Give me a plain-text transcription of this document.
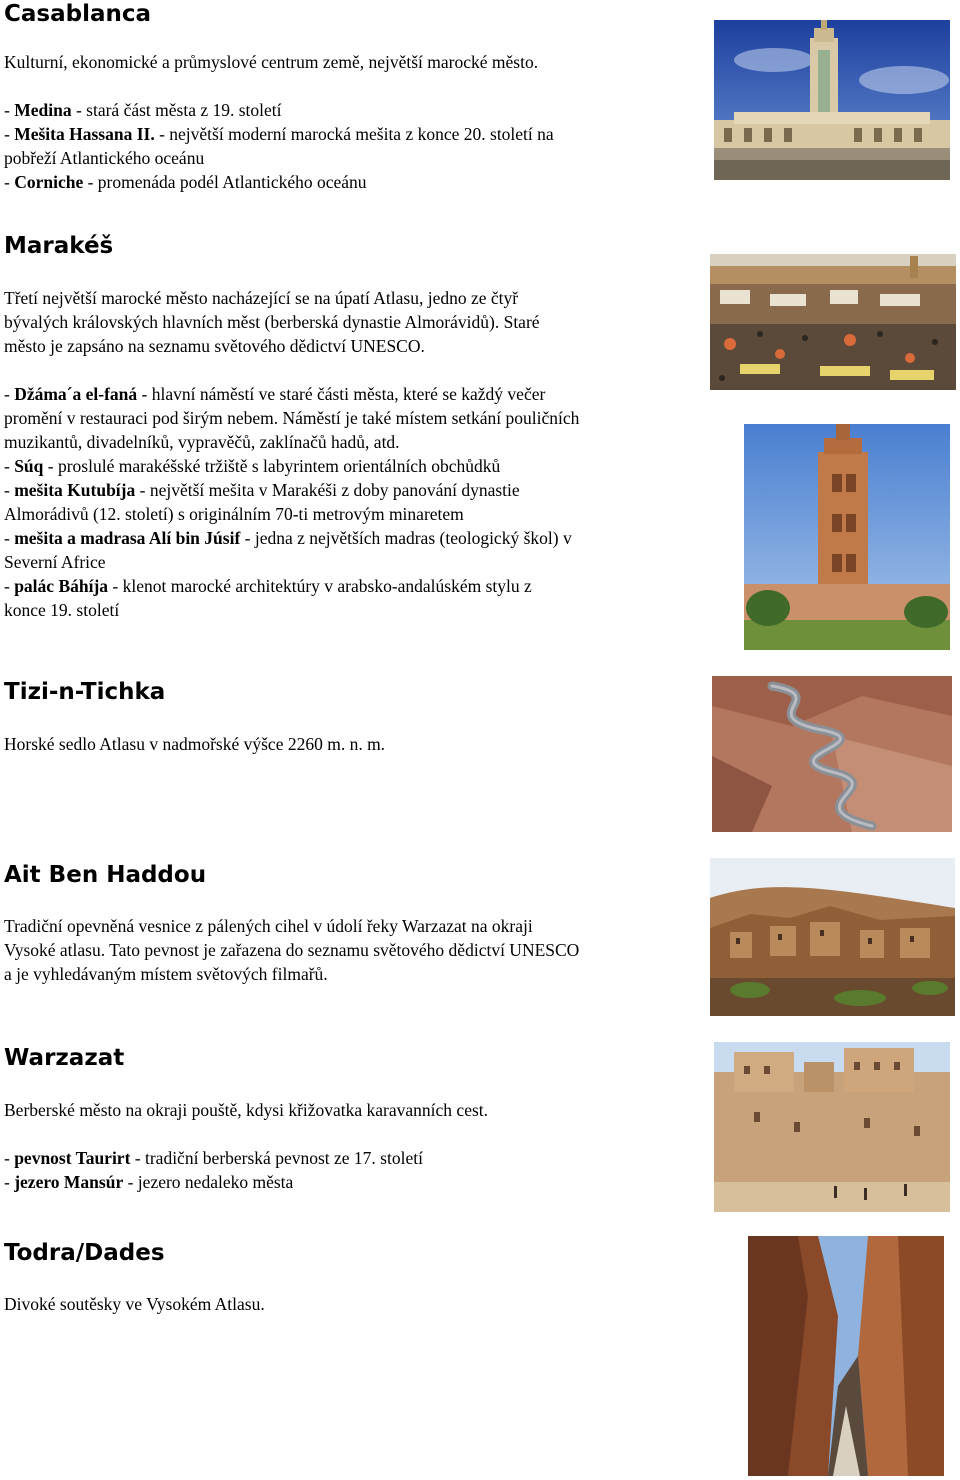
Casablanca
Kulturní, ekonomické a průmyslové centrum země, největší marocké město.

- Medina - stará část města z 19. století
- Mešita Hassana II. - největší moderní marocká mešita z konce 20. století na
pobřeží Atlantického oceánu
- Corniche - promenáda podél Atlantického oceánu
Marakéš
Třetí největší marocké město nacházející se na úpatí Atlasu, jedno ze čtyř
bývalých královských hlavních měst (berberská dynastie Almorávidů). Staré
město je zapsáno na seznamu světového dědictví UNESCO.

- Džáma´a el-faná - hlavní náměstí ve staré části města, které se každý večer
promění v restauraci pod širým nebem. Náměstí je také místem setkání pouličních
muzikantů, divadelníků, vypravěčů, zaklínačů hadů, atd.
- Súq - proslulé marakéšské tržiště s labyrintem orientálních obchůdků
- mešita Kutubíja - největší mešita v Marakéši z doby panování dynastie
Almorádivů (12. století) s originálním 70-ti metrovým minaretem
- mešita a madrasa Alí bin Júsif - jedna z největších madras (teologický škol) v
Severní Africe
- palác Báhíja - klenot marocké architektúry v arabsko-andalúském stylu z
konce 19. století
Tizi-n-Tichka
Horské sedlo Atlasu v nadmořské výšce 2260 m. n. m.
Ait Ben Haddou
Tradiční opevněná vesnice z pálených cihel v údolí řeky Warzazat na okraji
Vysoké atlasu. Tato pevnost je zařazena do seznamu světového dědictví UNESCO
a je vyhledávaným místem světových filmařů.
Warzazat
Berberské město na okraji pouště, kdysi křižovatka karavanních cest.

- pevnost Taurirt - tradiční berberská pevnost ze 17. století
- jezero Mansúr - jezero nedaleko města
Todra/Dades
Divoké soutěsky ve Vysokém Atlasu.
